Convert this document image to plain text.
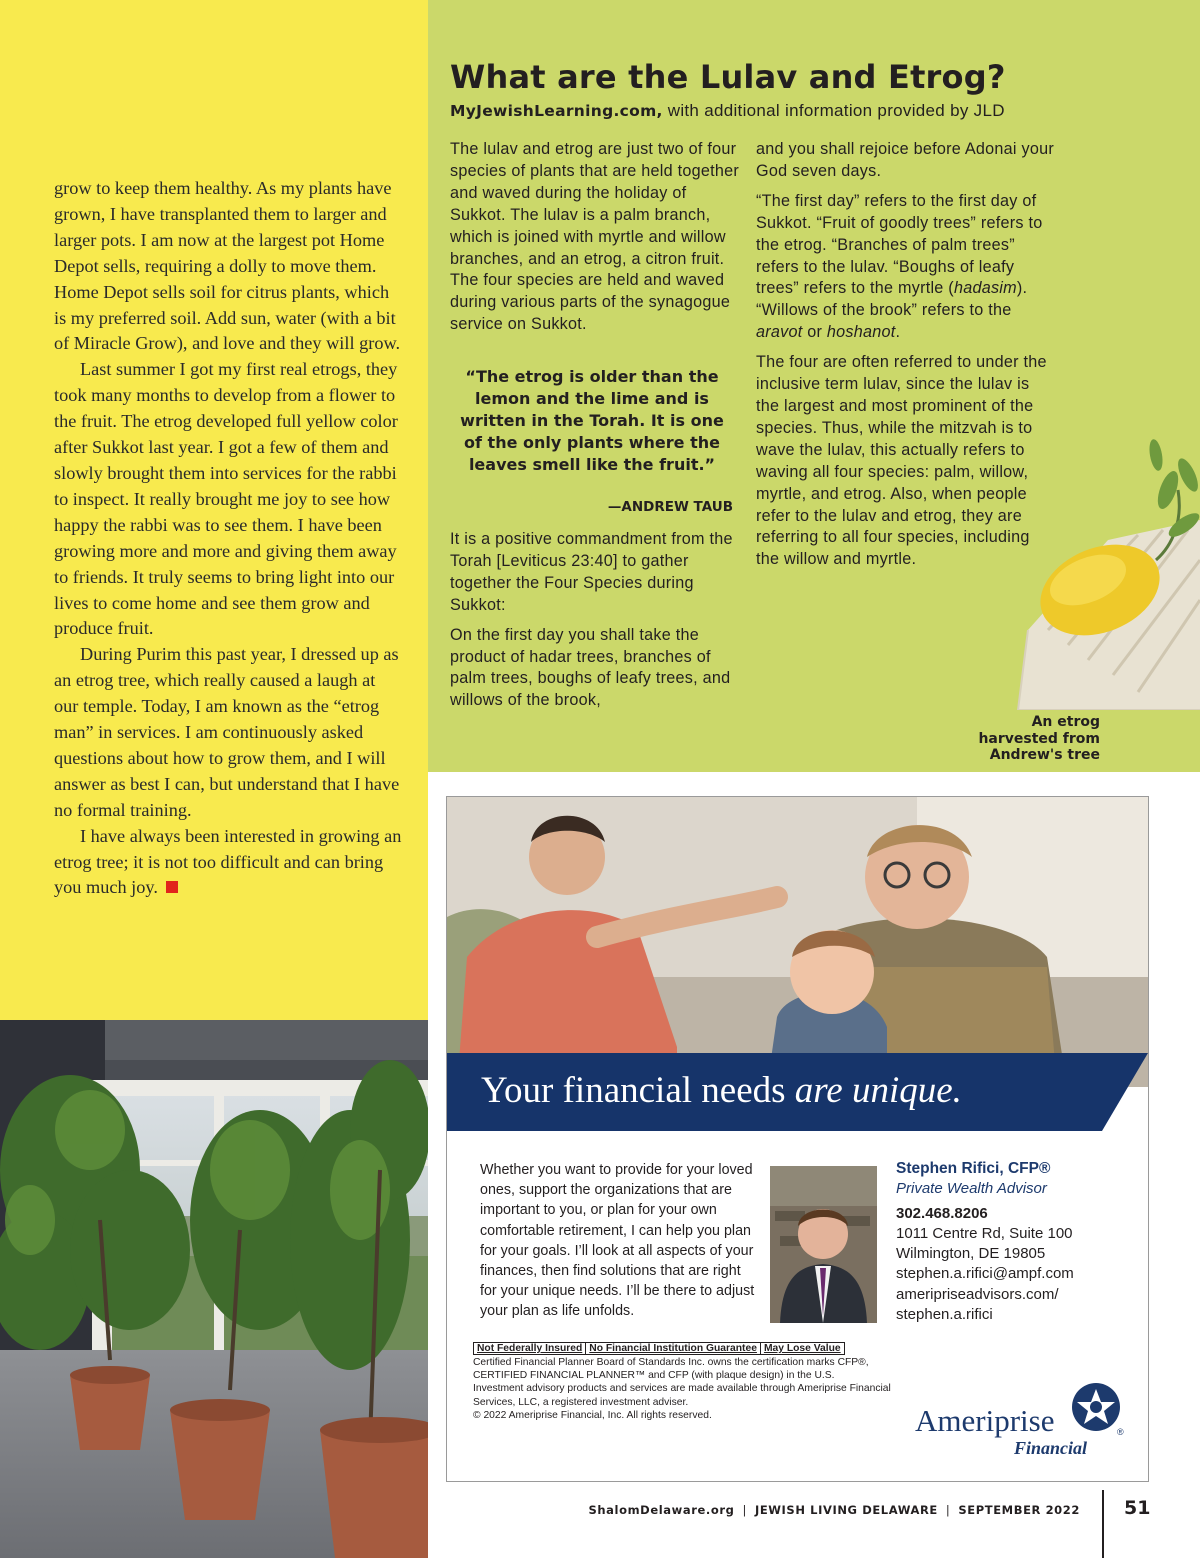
grow to keep them healthy. As my plants have grown, I have transplanted them to larger and larger pots. I am now at the largest pot Home Depot sells, requiring a dolly to move them. Home Depot sells soil for citrus plants, which is my preferred soil. Add sun, water (with a bit of Miracle Grow), and love and they will grow.

Last summer I got my first real etrogs, they took many months to develop from a flower to the fruit. The etrog developed full yellow color after Sukkot last year. I got a few of them and slowly brought them into services for the rabbi to inspect. It really brought me joy to see how happy the rabbi was to see them. I have been growing more and more and giving them away to friends. It truly seems to bring light into our lives to come home and see them grow and produce fruit.

During Purim this past year, I dressed up as an etrog tree, which really caused a laugh at our temple. Today, I am known as the “etrog man” in services. I am continuously asked questions about how to grow them, and I will answer as best I can, but understand that I have no formal training.

I have always been interested in growing an etrog tree; it is not too difficult and can bring you much joy.

What are the Lulav and Etrog?
MyJewishLearning.com, with additional information provided by JLD

The lulav and etrog are just two of four species of plants that are held together and waved during the holiday of Sukkot. The lulav is a palm branch, which is joined with myrtle and willow branches, and an etrog, a citron fruit. The four species are held and waved during various parts of the synagogue service on Sukkot.

“The etrog is older than the lemon and the lime and is written in the Torah. It is one of the only plants where the leaves smell like the fruit.”
—ANDREW TAUB

It is a positive commandment from the Torah [Leviticus 23:40] to gather together the Four Species during Sukkot:

On the first day you shall take the product of hadar trees, branches of palm trees, boughs of leafy trees, and willows of the brook,

and you shall rejoice before Adonai your God seven days.

“The first day” refers to the first day of Sukkot. “Fruit of goodly trees” refers to the etrog. “Branches of palm trees” refers to the lulav. “Boughs of leafy trees” refers to the myrtle (hadasim). “Willows of the brook” refers to the aravot or hoshanot.

The four are often referred to under the inclusive term lulav, since the lulav is the largest and most prominent of the species. Thus, while the mitzvah is to wave the lulav, this actually refers to waving all four species: palm, willow, myrtle, and etrog. Also, when people refer to the lulav and etrog, they are referring to all four species, including the willow and myrtle.

An etrog harvested from Andrew's tree
Your financial needs are unique.

Whether you want to provide for your loved ones, support the organizations that are important to you, or plan for your own comfortable retirement, I can help you plan for your goals. I’ll look at all aspects of your finances, then find solutions that are right for your unique needs. I’ll be there to adjust your plan as life unfolds.

Stephen Rifici, CFP®
Private Wealth Advisor
302.468.8206
1011 Centre Rd, Suite 100
Wilmington, DE 19805
stephen.a.rifici@ampf.com
ameripriseadvisors.com/
stephen.a.rifici
Not Federally Insured No Financial Institution Guarantee May Lose Value
Certified Financial Planner Board of Standards Inc. owns the certification marks CFP®, CERTIFIED FINANCIAL PLANNER™ and CFP (with plaque design) in the U.S.
Investment advisory products and services are made available through Ameriprise Financial Services, LLC, a registered investment adviser.
© 2022 Ameriprise Financial, Inc. All rights reserved.	Ameriprise
Financial
®
ShalomDelaware.org | JEWISH LIVING DELAWARE | SEPTEMBER 2022 51
